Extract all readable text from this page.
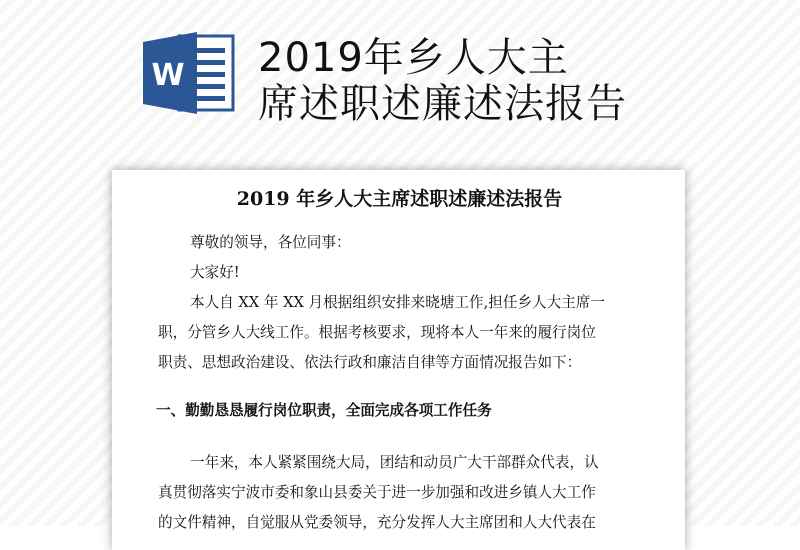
W 2019年乡人大主
席述职述廉述法报告
2019 年乡人大主席述职述廉述法报告
尊敬的领导，各位同事：
大家好!
本人自 XX 年 XX 月根据组织安排来晓塘工作,担任乡人大主席一
职，分管乡人大线工作。根据考核要求，现将本人一年来的履行岗位
职责、思想政治建设、依法行政和廉洁自律等方面情况报告如下：
一、勤勤恳恳履行岗位职责，全面完成各项工作任务
一年来，本人紧紧围绕大局，团结和动员广大干部群众代表，认
真贯彻落实宁波市委和象山县委关于进一步加强和改进乡镇人大工作
的文件精神，自觉服从党委领导，充分发挥人大主席团和人大代表在
